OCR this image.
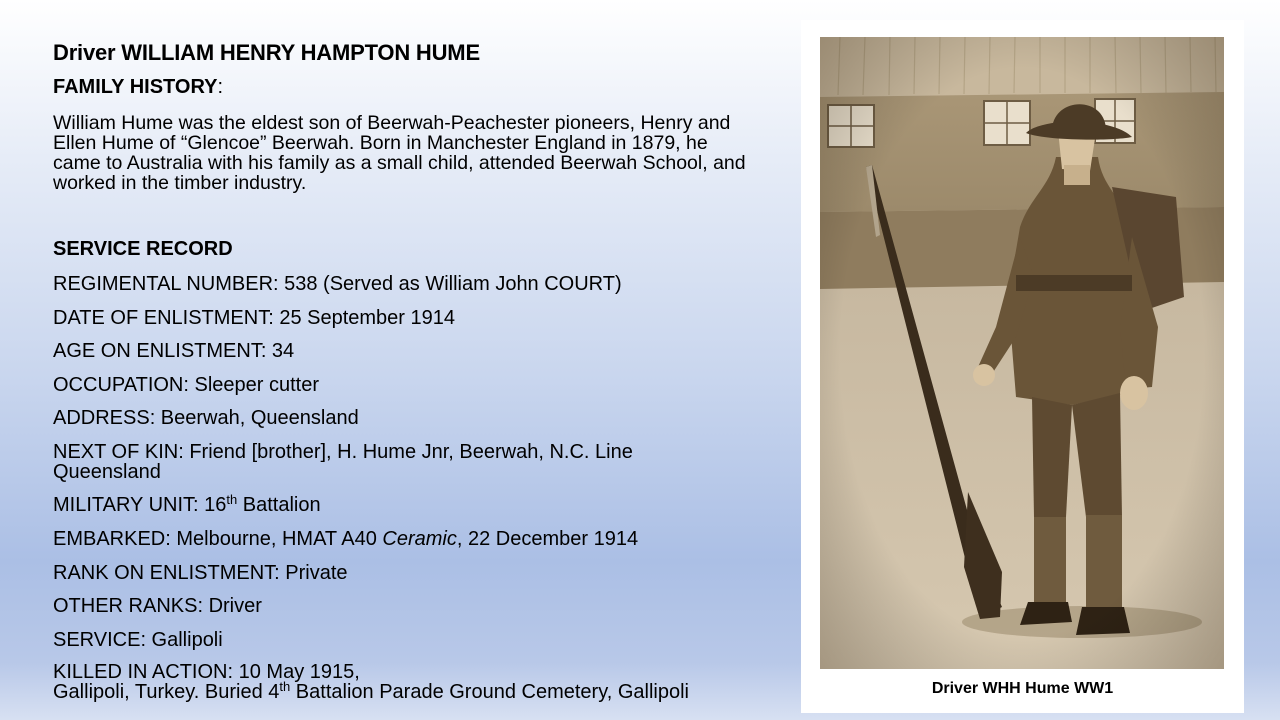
Driver WILLIAM HENRY HAMPTON HUME
FAMILY HISTORY:
William Hume was the eldest son of Beerwah-Peachester pioneers, Henry and Ellen Hume of “Glencoe” Beerwah. Born in Manchester England in 1879, he came to Australia with his family as a small child, attended Beerwah School, and worked in the timber industry.
SERVICE RECORD
REGIMENTAL NUMBER: 538 (Served as William John COURT)
DATE OF ENLISTMENT: 25 September 1914
AGE ON ENLISTMENT: 34
OCCUPATION: Sleeper cutter
ADDRESS: Beerwah, Queensland
NEXT OF KIN: Friend [brother], H. Hume Jnr, Beerwah, N.C. Line
Queensland
MILITARY UNIT: 16th Battalion
EMBARKED: Melbourne, HMAT A40 Ceramic, 22 December 1914
RANK ON ENLISTMENT: Private
OTHER RANKS: Driver
SERVICE: Gallipoli
KILLED IN ACTION: 10 May 1915,
Gallipoli, Turkey. Buried 4th Battalion Parade Ground Cemetery, Gallipoli	Driver WHH Hume WW1
